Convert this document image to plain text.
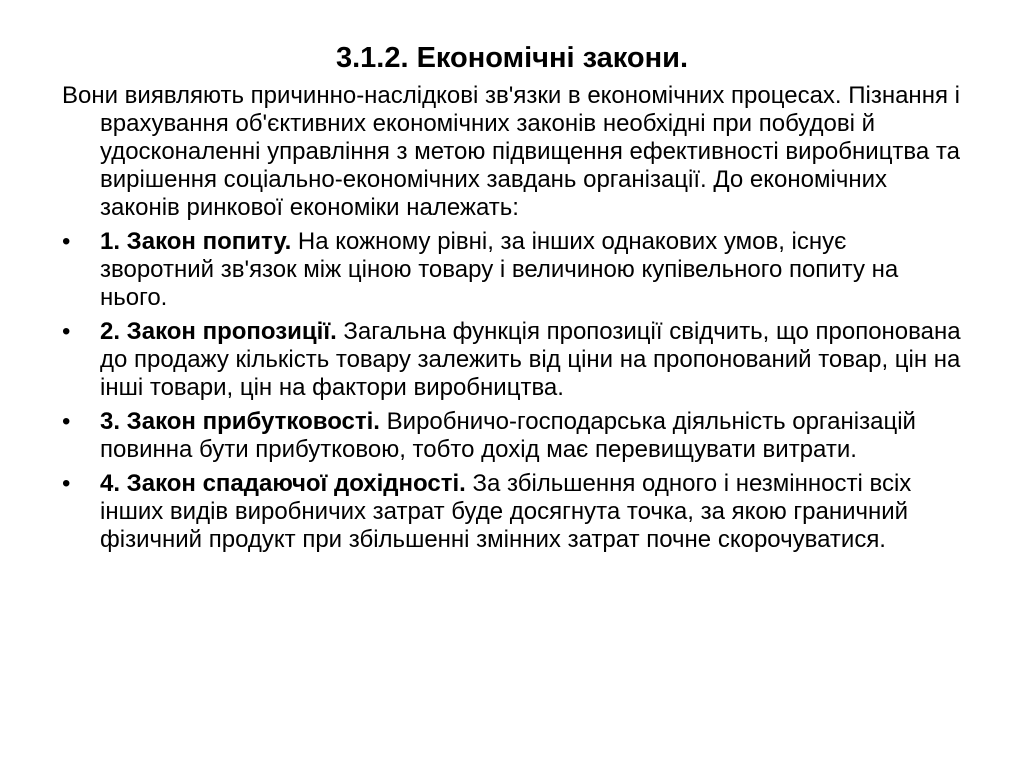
3.1.2. Економічні закони.

Вони виявляють причинно-наслідкові зв'язки в економічних процесах. Пізнання і врахування об'єктивних економічних законів необхідні при побудові й удосконаленні управління з метою підвищення ефективності виробництва та вирішення соціально-економічних завдань організації. До економічних законів ринкової економіки належать:

•	1. Закон попиту. На кожному рівні, за інших однакових умов, існує зворотний зв'язок між ціною товару і величиною купівельного попиту на нього.
•	2. Закон пропозиції. Загальна функція пропозиції свідчить, що пропонована до продажу кількість товару залежить від ціни на пропонований товар, цін на інші товари, цін на фактори виробництва.
•	3. Закон прибутковості. Виробничо-господарська діяльність організацій повинна бути прибутковою, тобто дохід має перевищувати витрати.
•	4. Закон спадаючої дохідності. За збільшення одного і незмінності всіх інших видів виробничих затрат буде досягнута точка, за якою граничний фізичний продукт при збільшенні змінних затрат почне скорочуватися.
